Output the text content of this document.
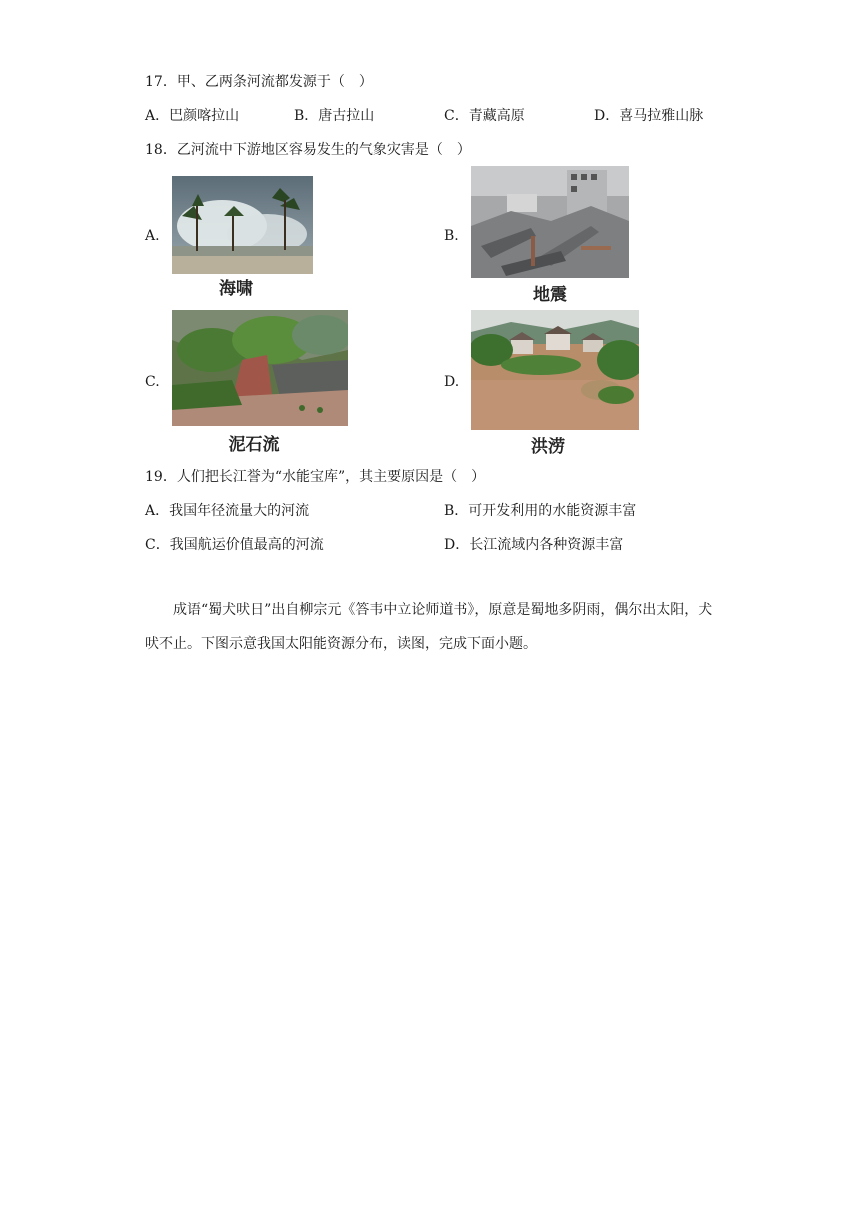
17．甲、乙两条河流都发源于（　）
A．巴颜喀拉山	B．唐古拉山	C．青藏高原	D．喜马拉雅山脉
18．乙河流中下游地区容易发生的气象灾害是（　）
A.
海啸
B.
地震
C.
泥石流
D.
洪涝
19．人们把长江誉为“水能宝库”，其主要原因是（　）
A．我国年径流量大的河流	B．可开发利用的水能资源丰富
C．我国航运价值最高的河流	D．长江流域内各种资源丰富
成语“蜀犬吠日”出自柳宗元《答韦中立论师道书》，原意是蜀地多阴雨，偶尔出太阳，犬吠不止。下图示意我国太阳能资源分布，读图，完成下面小题。
